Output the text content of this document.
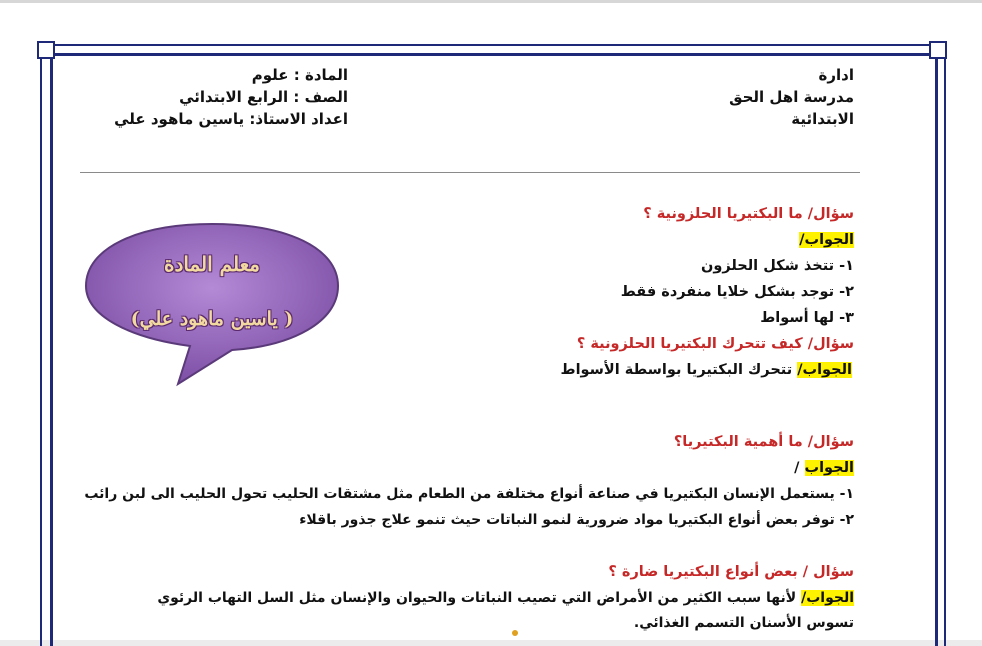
ادارة
مدرسة اهل الحق
الابتدائية
المادة : علوم
الصف : الرابع الابتدائي
اعداد الاستاذ: ياسين ماهود علي
معلم المادة
( ياسين ماهود علي)
سؤال/ ما البكتيريا الحلزونية ؟
الجواب/
١- تتخذ شكل الحلزون
٢- توجد بشكل خلايا منفردة فقط
٣- لها أسواط
سؤال/ كيف تتحرك البكتيريا الحلزونية ؟
الجواب/ تتحرك البكتيريا بواسطة الأسواط
سؤال/ ما أهمية البكتيريا؟
الجواب /
١- يستعمل الإنسان البكتيريا في صناعة أنواع مختلفة من الطعام مثل مشتقات الحليب تحول الحليب الى لبن رائب
٢- توفر بعض أنواع البكتيريا مواد ضرورية لنمو النباتات حيث تنمو علاج جذور باقلاء
سؤال / بعض أنواع البكتيريا ضارة ؟
الجواب/ لأنها سبب الكثير من الأمراض التي تصيب النباتات والحيوان والإنسان مثل السل التهاب الرئوي
تسوس الأسنان التسمم الغذائي.
